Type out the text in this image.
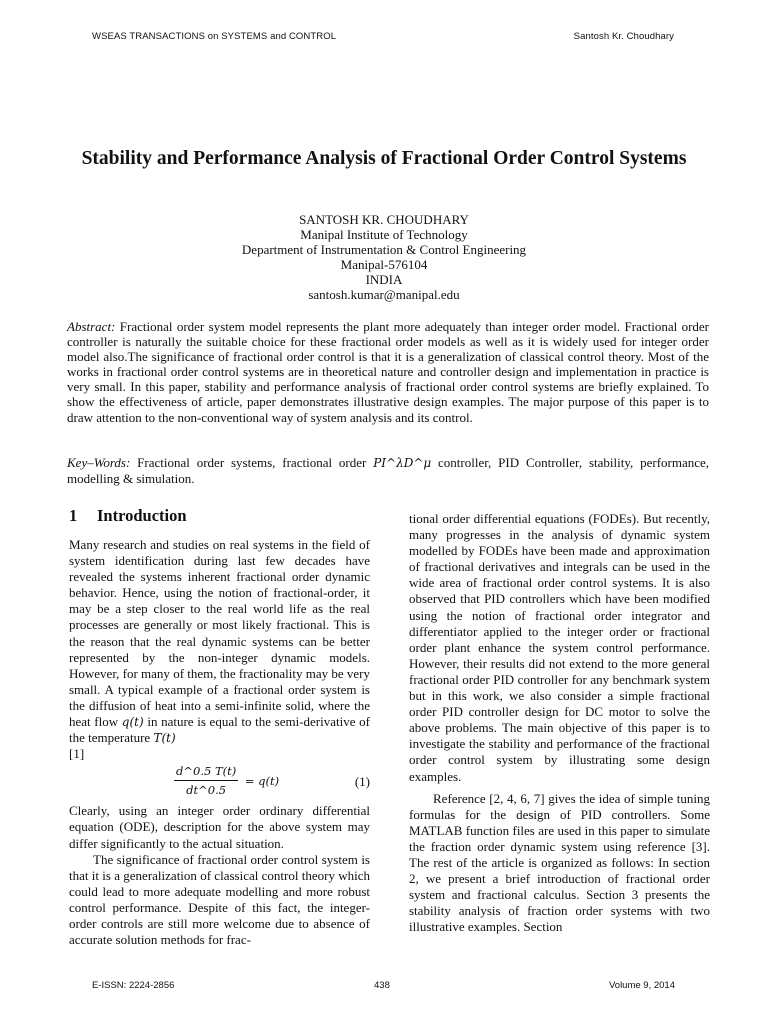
WSEAS TRANSACTIONS on SYSTEMS and CONTROL	Santosh Kr. Choudhary
Stability and Performance Analysis of Fractional Order Control Systems
SANTOSH KR. CHOUDHARY
Manipal Institute of Technology
Department of Instrumentation & Control Engineering
Manipal-576104
INDIA
santosh.kumar@manipal.edu
Abstract: Fractional order system model represents the plant more adequately than integer order model. Fractional order controller is naturally the suitable choice for these fractional order models as well as it is widely used for integer order model also.The significance of fractional order control is that it is a generalization of classical control theory. Most of the works in fractional order control systems are in theoretical nature and controller design and implementation in practice is very small. In this paper, stability and performance analysis of fractional order control systems are briefly explained. To show the effectiveness of article, paper demonstrates illustrative design examples. The major purpose of this paper is to draw attention to the non-conventional way of system analysis and its control.
Key–Words: Fractional order systems, fractional order PI^λD^μ controller, PID Controller, stability, performance, modelling & simulation.
1 Introduction

Many research and studies on real systems in the field of system identification during last few decades have revealed the systems inherent fractional order dynamic behavior. Hence, using the notion of fractional-order, it may be a step closer to the real world life as the real processes are generally or most likely fractional. This is the reason that the real dynamic systems can be better represented by the non-integer dynamic models. However, for many of them, the fractionality may be very small. A typical example of a fractional order system is the diffusion of heat into a semi-infinite solid, where the heat flow q(t) in nature is equal to the semi-derivative of the temperature T(t)
[1]

$\frac{d\^{}0.5 T(t)}{dt\^{}0.5} = q(t)$	(1)

Clearly, using an integer order ordinary differential equation (ODE), description for the above system may differ significantly to the actual situation.

The significance of fractional order control system is that it is a generalization of classical control theory which could lead to more adequate modelling and more robust control performance. Despite of this fact, the integer-order controls are still more welcome due to absence of accurate solution methods for frac-

tional order differential equations (FODEs). But recently, many progresses in the analysis of dynamic system modelled by FODEs have been made and approximation of fractional derivatives and integrals can be used in the wide area of fractional order control systems. It is also observed that PID controllers which have been modified using the notion of fractional order integrator and differentiator applied to the integer order or fractional order plant enhance the system control performance. However, their results did not extend to the more general fractional order PID controller for any benchmark system but in this work, we also consider a simple fractional order PID controller design for DC motor to solve the above problems. The main objective of this paper is to investigate the stability and performance of the fractional order control system by illustrating some design examples.

Reference [2, 4, 6, 7] gives the idea of simple tuning formulas for the design of PID controllers. Some MATLAB function files are used in this paper to simulate the fraction order dynamic system using reference [3]. The rest of the article is organized as follows: In section 2, we present a brief introduction of fractional order system and fractional calculus. Section 3 presents the stability analysis of fraction order systems with two illustrative examples. Section

E-ISSN: 2224-2856	438	Volume 9, 2014
